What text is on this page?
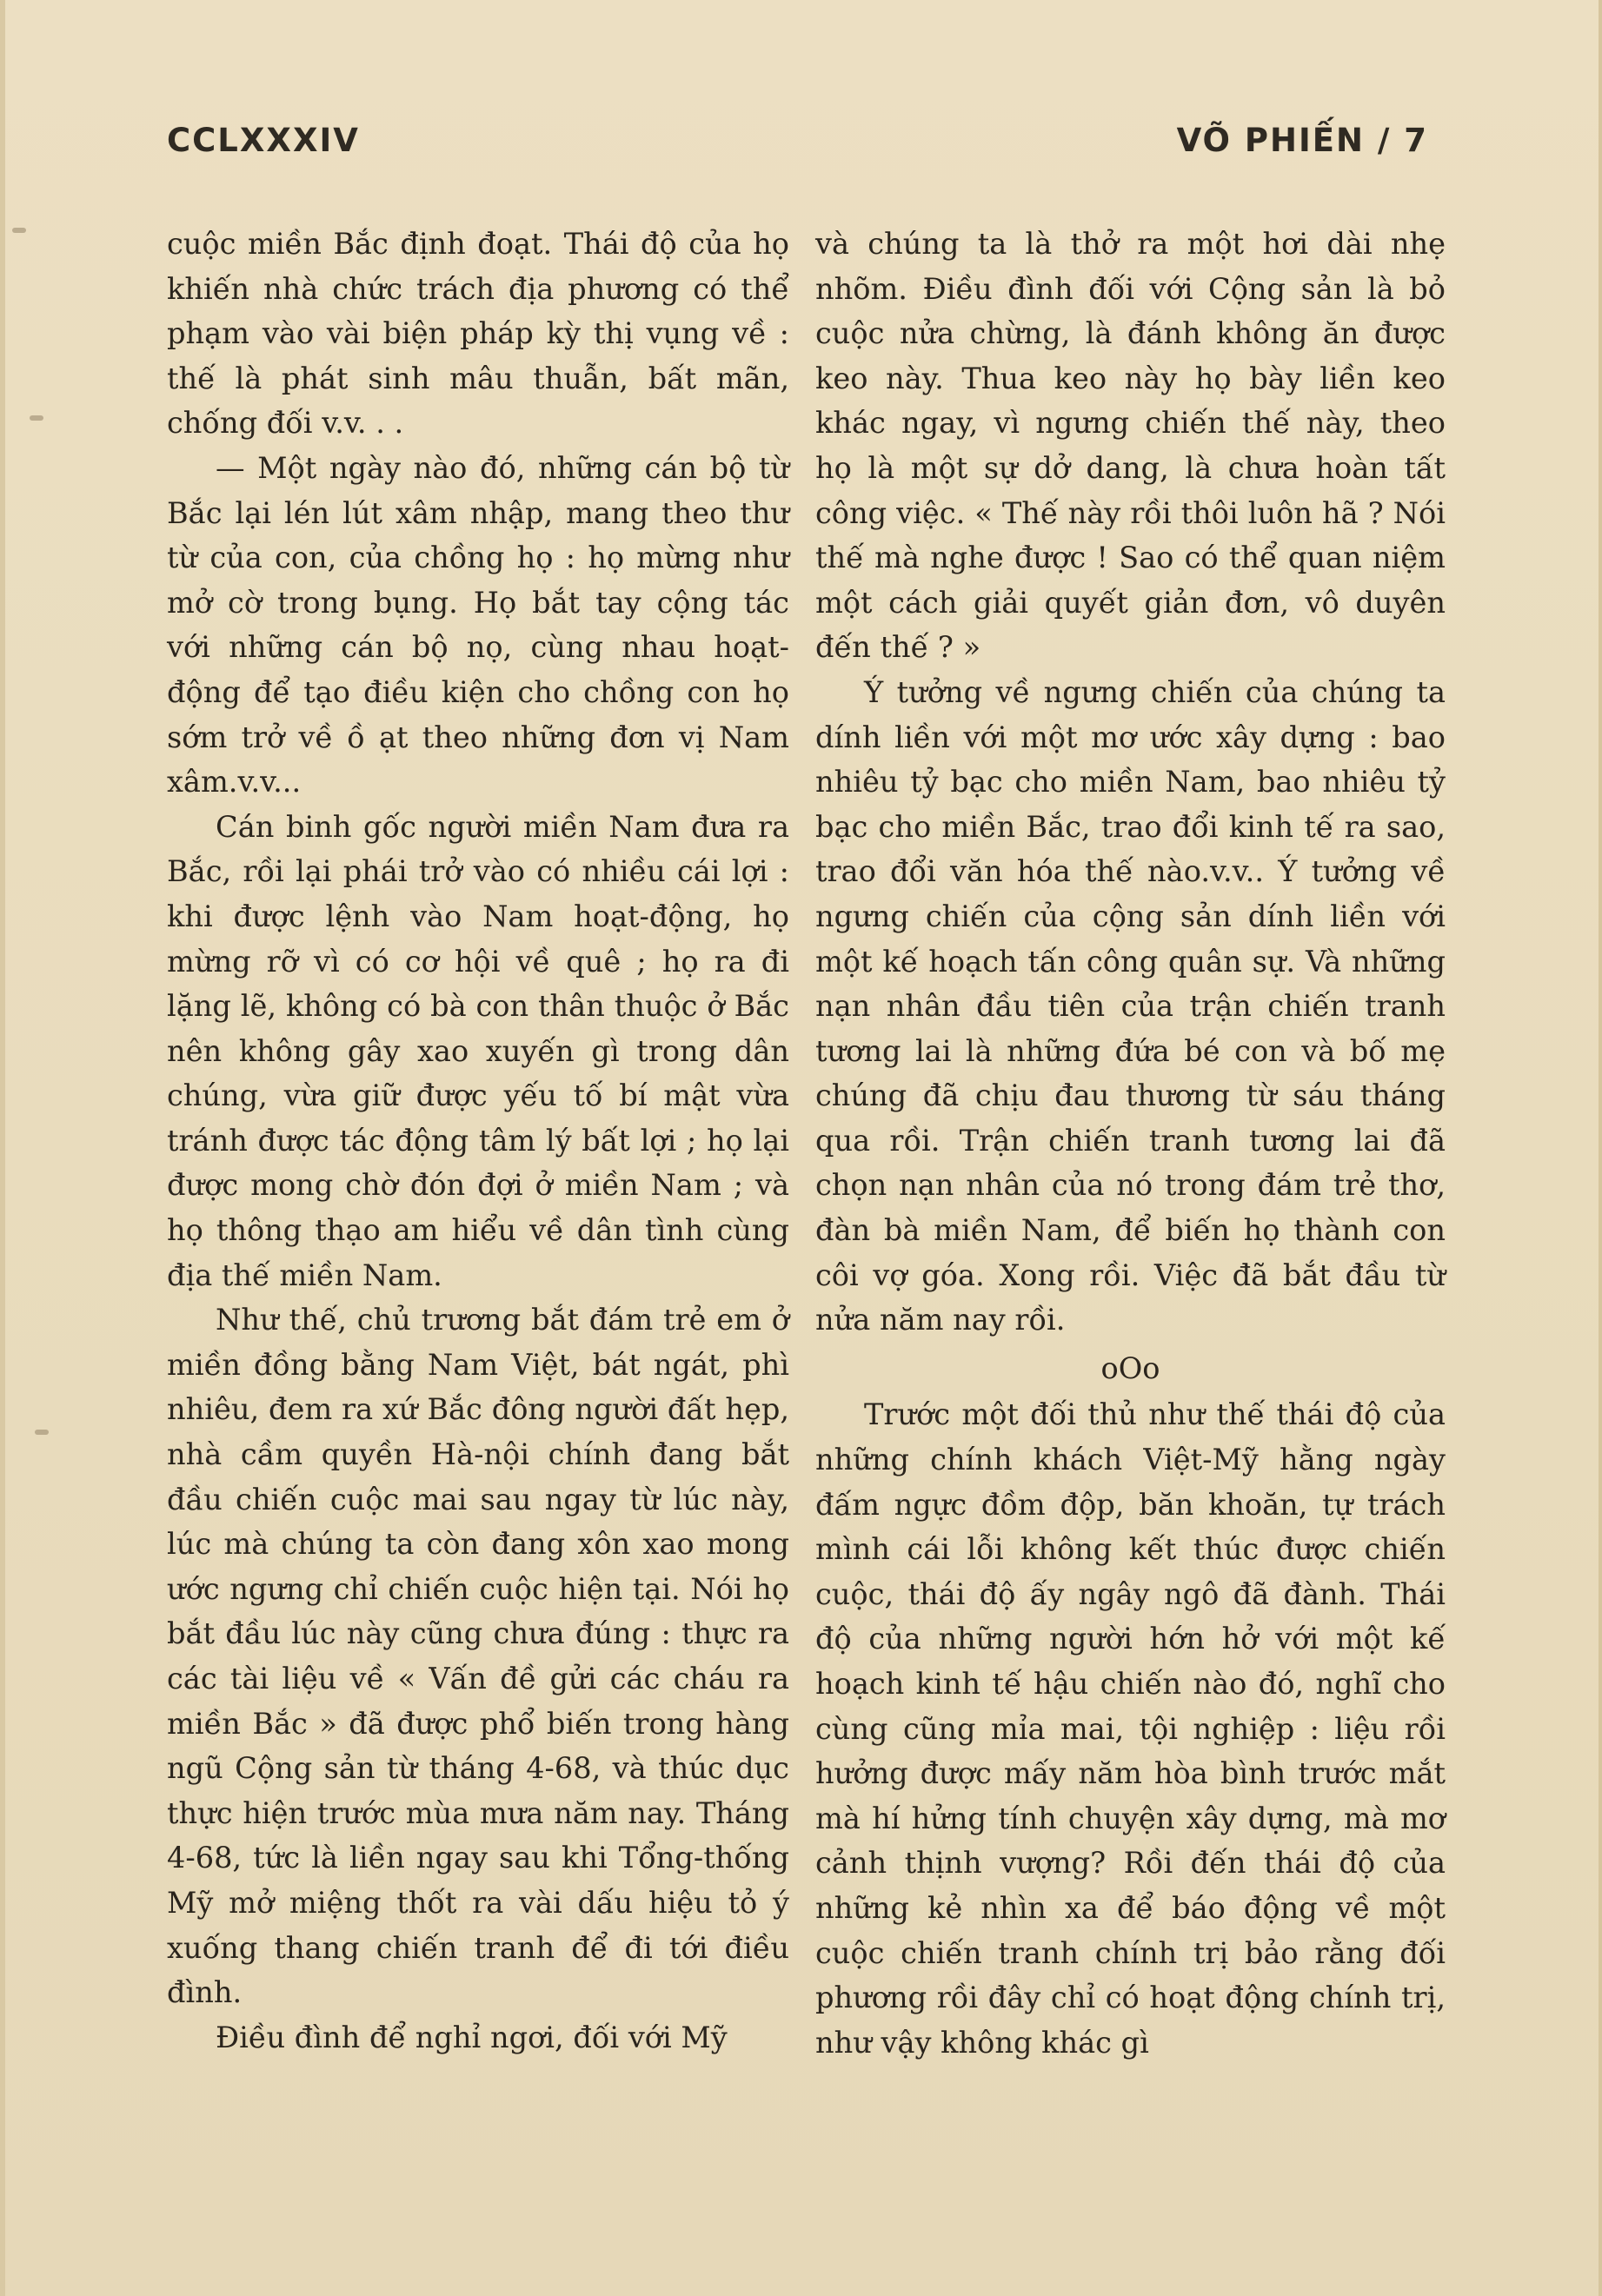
CCLXXXIV	VÕ PHIẾN / 7

cuộc miền Bắc định đoạt. Thái độ của họ khiến nhà chức trách địa phương có thể phạm vào vài biện pháp kỳ thị vụng về : thế là phát sinh mâu thuẫn, bất mãn, chống đối v.v. . .

— Một ngày nào đó, những cán bộ từ Bắc lại lén lút xâm nhập, mang theo thư từ của con, của chồng họ : họ mừng như mở cờ trong bụng. Họ bắt tay cộng tác với những cán bộ nọ, cùng nhau hoạt-động để tạo điều kiện cho chồng con họ sớm trở về ồ ạt theo những đơn vị Nam xâm.v.v...

Cán binh gốc người miền Nam đưa ra Bắc, rồi lại phái trở vào có nhiều cái lợi : khi được lệnh vào Nam hoạt-động, họ mừng rỡ vì có cơ hội về quê ; họ ra đi lặng lẽ, không có bà con thân thuộc ở Bắc nên không gây xao xuyến gì trong dân chúng, vừa giữ được yếu tố bí mật vừa tránh được tác động tâm lý bất lợi ; họ lại được mong chờ đón đợi ở miền Nam ; và họ thông thạo am hiểu về dân tình cùng địa thế miền Nam.

Như thế, chủ trương bắt đám trẻ em ở miền đồng bằng Nam Việt, bát ngát, phì nhiêu, đem ra xứ Bắc đông người đất hẹp, nhà cầm quyền Hà-nội chính đang bắt đầu chiến cuộc mai sau ngay từ lúc này, lúc mà chúng ta còn đang xôn xao mong ước ngưng chỉ chiến cuộc hiện tại. Nói họ bắt đầu lúc này cũng chưa đúng : thực ra các tài liệu về « Vấn đề gửi các cháu ra miền Bắc » đã được phổ biến trong hàng ngũ Cộng sản từ tháng 4-68, và thúc dục thực hiện trước mùa mưa năm nay. Tháng 4-68, tức là liền ngay sau khi Tổng-thống Mỹ mở miệng thốt ra vài dấu hiệu tỏ ý xuống thang chiến tranh để đi tới điều đình.

Điều đình để nghỉ ngơi, đối với Mỹ

và chúng ta là thở ra một hơi dài nhẹ nhõm. Điều đình đối với Cộng sản là bỏ cuộc nửa chừng, là đánh không ăn được keo này. Thua keo này họ bày liền keo khác ngay, vì ngưng chiến thế này, theo họ là một sự dở dang, là chưa hoàn tất công việc. « Thế này rồi thôi luôn hã ? Nói thế mà nghe được ! Sao có thể quan niệm một cách giải quyết giản đơn, vô duyên đến thế ? »

Ý tưởng về ngưng chiến của chúng ta dính liền với một mơ ước xây dựng : bao nhiêu tỷ bạc cho miền Nam, bao nhiêu tỷ bạc cho miền Bắc, trao đổi kinh tế ra sao, trao đổi văn hóa thế nào.v.v.. Ý tưởng về ngưng chiến của cộng sản dính liền với một kế hoạch tấn công quân sự. Và những nạn nhân đầu tiên của trận chiến tranh tương lai là những đứa bé con và bố mẹ chúng đã chịu đau thương từ sáu tháng qua rồi. Trận chiến tranh tương lai đã chọn nạn nhân của nó trong đám trẻ thơ, đàn bà miền Nam, để biến họ thành con côi vợ góa. Xong rồi. Việc đã bắt đầu từ nửa năm nay rồi.

oOo

Trước một đối thủ như thế thái độ của những chính khách Việt-Mỹ hằng ngày đấm ngực đồm độp, băn khoăn, tự trách mình cái lỗi không kết thúc được chiến cuộc, thái độ ấy ngây ngô đã đành. Thái độ của những người hớn hở với một kế hoạch kinh tế hậu chiến nào đó, nghĩ cho cùng cũng mỉa mai, tội nghiệp : liệu rồi hưởng được mấy năm hòa bình trước mắt mà hí hửng tính chuyện xây dựng, mà mơ cảnh thịnh vượng? Rồi đến thái độ của những kẻ nhìn xa để báo động về một cuộc chiến tranh chính trị bảo rằng đối phương rồi đây chỉ có hoạt động chính trị, như vậy không khác gì
